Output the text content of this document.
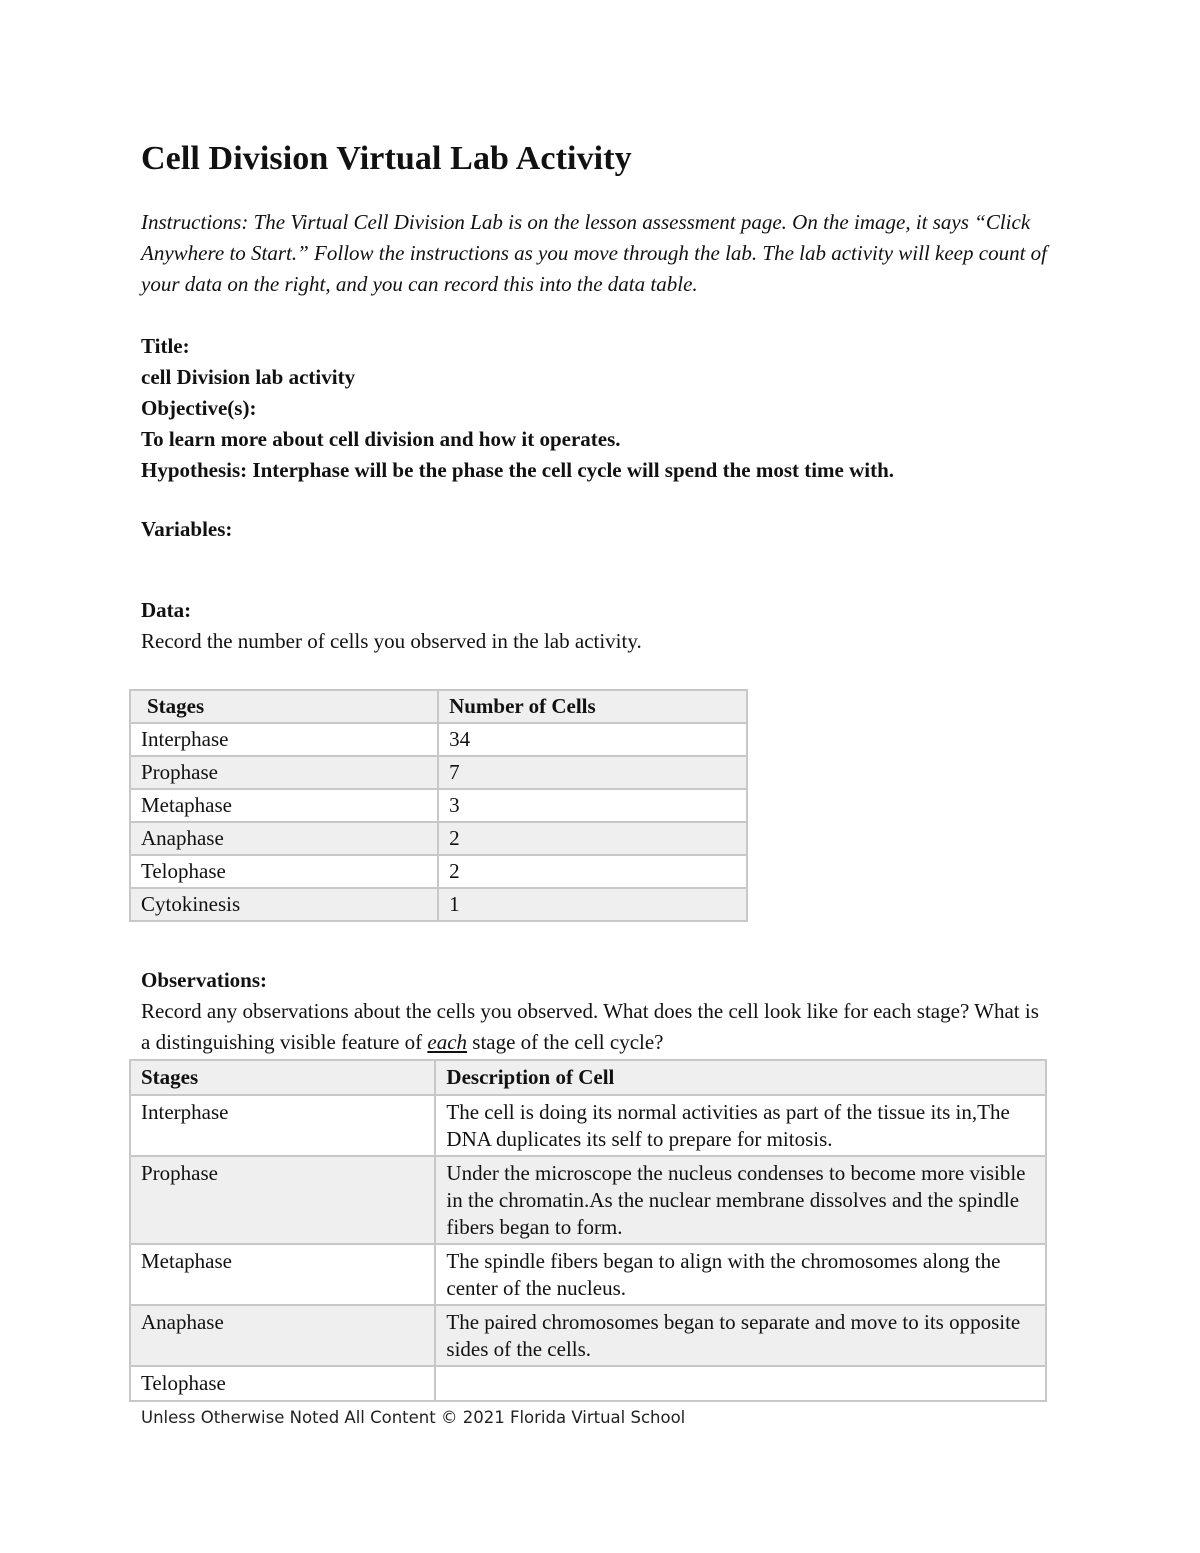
Cell Division Virtual Lab Activity
Instructions: The Virtual Cell Division Lab is on the lesson assessment page. On the image, it says “Click Anywhere to Start.” Follow the instructions as you move through the lab. The lab activity will keep count of your data on the right, and you can record this into the data table.
Title:
cell Division lab activity
Objective(s):
To learn more about cell division and how it operates.
Hypothesis: Interphase will be the phase the cell cycle will spend the most time with.
Variables:
Data:
Record the number of cells you observed in the lab activity.
Stages	Number of Cells
Interphase	34
Prophase	7
Metaphase	3
Anaphase	2
Telophase	2
Cytokinesis	1
Observations:
Record any observations about the cells you observed. What does the cell look like for each stage? What is a distinguishing visible feature of each stage of the cell cycle?
Stages	Description of Cell
Interphase	The cell is doing its normal activities as part of the tissue its in,The DNA duplicates its self to prepare for mitosis.
Prophase	Under the microscope the nucleus condenses to become more visible in the chromatin.As the nuclear membrane dissolves and the spindle fibers began to form.
Metaphase	The spindle fibers began to align with the chromosomes along the center of the nucleus.
Anaphase	The paired chromosomes began to separate and move to its opposite sides of the cells.
Telophase	
Unless Otherwise Noted All Content © 2021 Florida Virtual School
